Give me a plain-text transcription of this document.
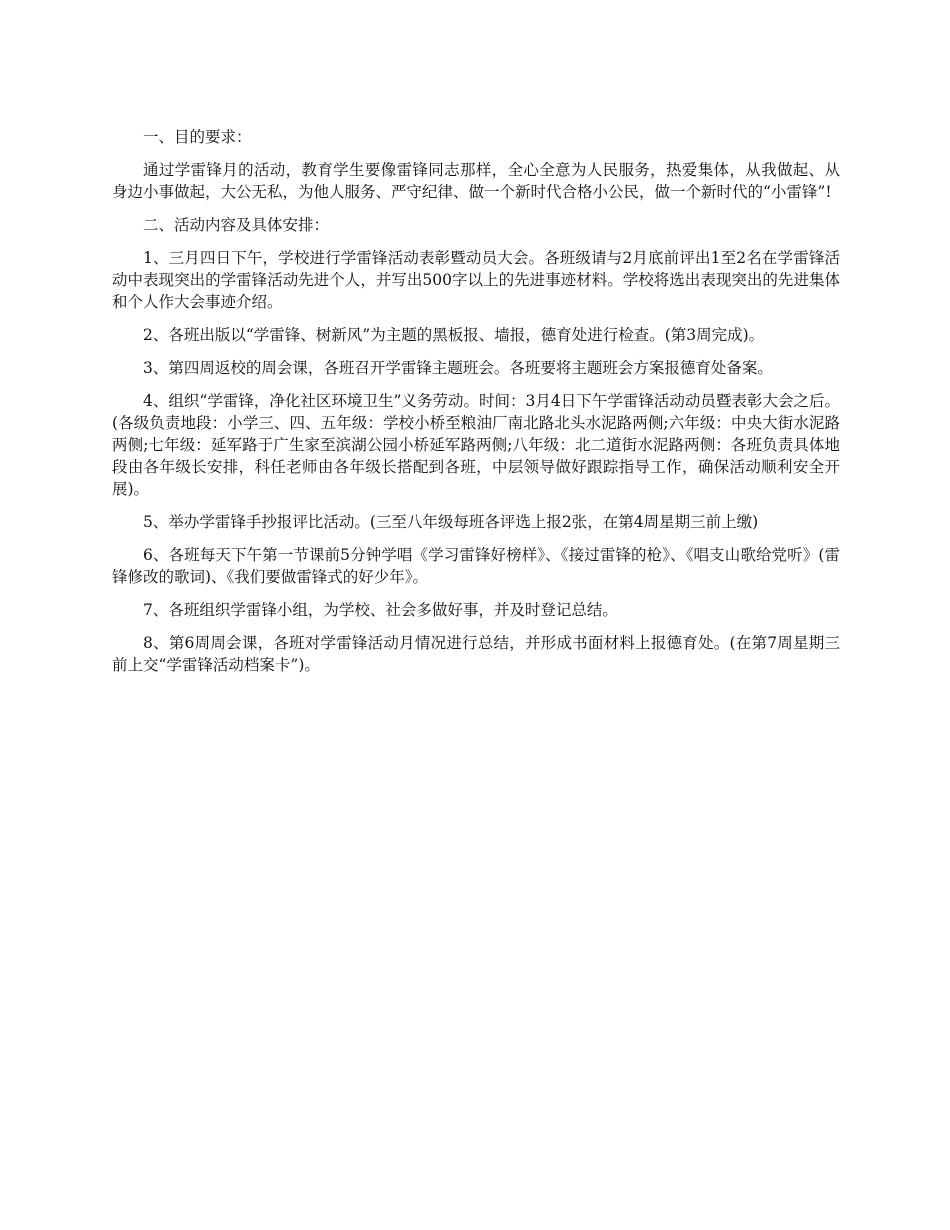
一、目的要求：

通过学雷锋月的活动，教育学生要像雷锋同志那样，全心全意为人民服务，热爱集体，从我做起、从身边小事做起，大公无私，为他人服务、严守纪律、做一个新时代合格小公民，做一个新时代的“小雷锋”!

二、活动内容及具体安排：

1、三月四日下午，学校进行学雷锋活动表彰暨动员大会。各班级请与2月底前评出1至2名在学雷锋活动中表现突出的学雷锋活动先进个人，并写出500字以上的先进事迹材料。学校将选出表现突出的先进集体和个人作大会事迹介绍。

2、各班出版以“学雷锋、树新风”为主题的黑板报、墙报，德育处进行检查。(第3周完成)。

3、第四周返校的周会课，各班召开学雷锋主题班会。各班要将主题班会方案报德育处备案。

4、组织“学雷锋，净化社区环境卫生”义务劳动。时间：3月4日下午学雷锋活动动员暨表彰大会之后。(各级负责地段：小学三、四、五年级：学校小桥至粮油厂南北路北头水泥路两侧;六年级：中央大街水泥路两侧;七年级：延军路于广生家至滨湖公园小桥延军路两侧;八年级：北二道街水泥路两侧：各班负责具体地段由各年级长安排，科任老师由各年级长搭配到各班，中层领导做好跟踪指导工作，确保活动顺利安全开展)。

5、举办学雷锋手抄报评比活动。(三至八年级每班各评选上报2张，在第4周星期三前上缴)

6、各班每天下午第一节课前5分钟学唱《学习雷锋好榜样》、《接过雷锋的枪》、《唱支山歌给党听》(雷锋修改的歌词)、《我们要做雷锋式的好少年》。

7、各班组织学雷锋小组，为学校、社会多做好事，并及时登记总结。

8、第6周周会课，各班对学雷锋活动月情况进行总结，并形成书面材料上报德育处。(在第7周星期三前上交“学雷锋活动档案卡”)。
